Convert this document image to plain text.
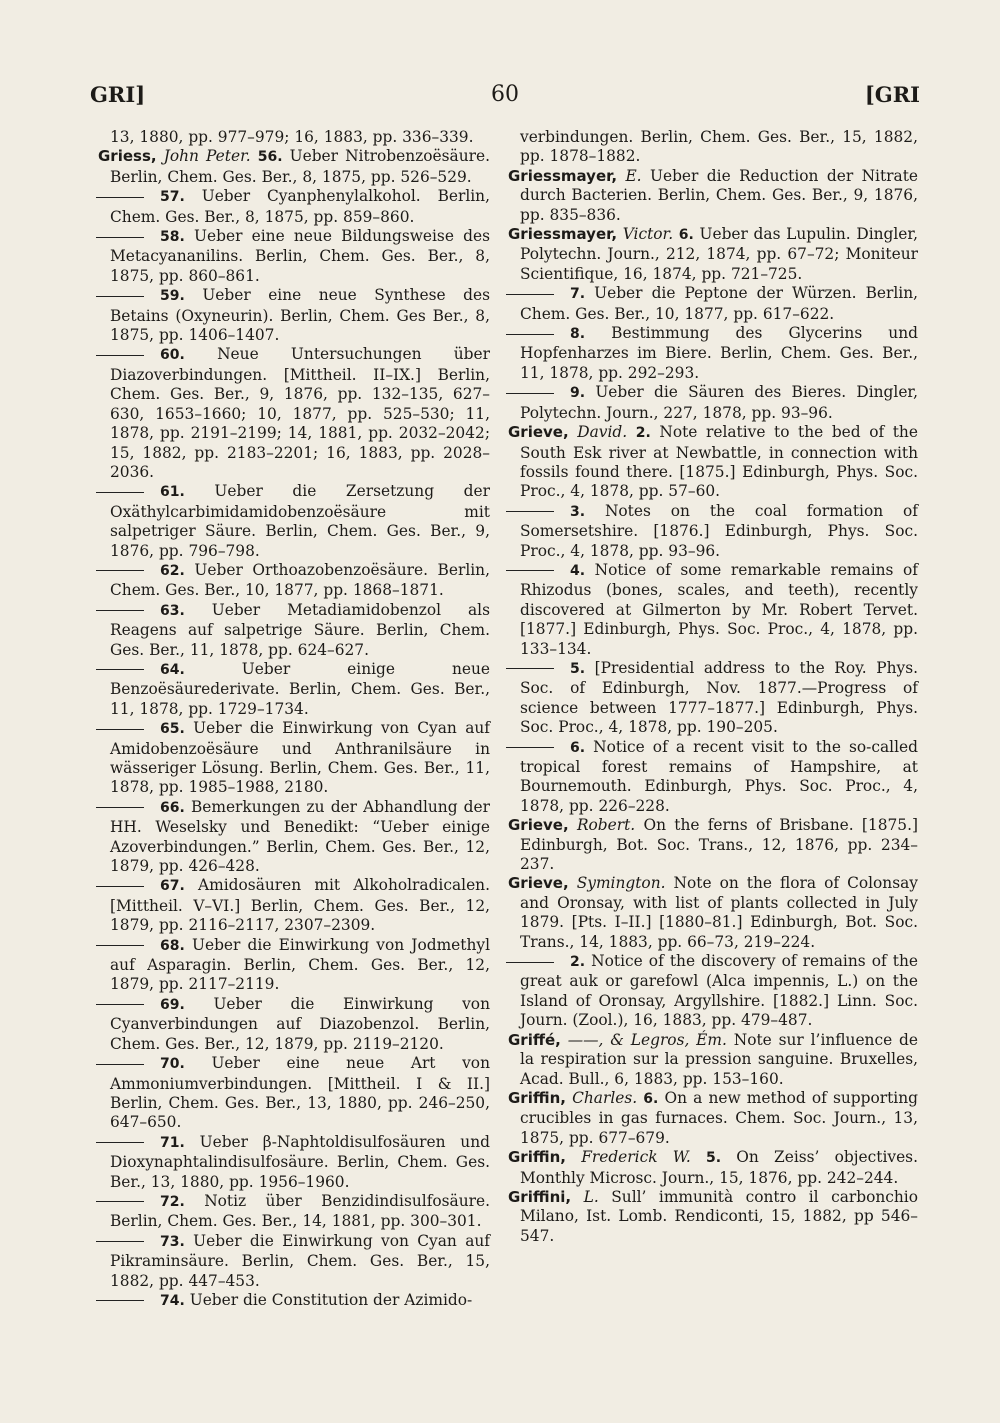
GRI]	60	[GRI

13, 1880, pp. 977–979; 16, 1883, pp. 336–339.

Griess, John Peter. 56. Ueber Nitrobenzoësäure. Berlin, Chem. Ges. Ber., 8, 1875, pp. 526–529.

57. Ueber Cyanphenylalkohol. Berlin, Chem. Ges. Ber., 8, 1875, pp. 859–860.

58. Ueber eine neue Bildungsweise des Metacyananilins. Berlin, Chem. Ges. Ber., 8, 1875, pp. 860–861.

59. Ueber eine neue Synthese des Betains (Oxyneurin). Berlin, Chem. Ges Ber., 8, 1875, pp. 1406–1407.

60. Neue Untersuchungen über Diazoverbindungen. [Mittheil. II–IX.] Berlin, Chem. Ges. Ber., 9, 1876, pp. 132–135, 627–630, 1653–1660; 10, 1877, pp. 525–530; 11, 1878, pp. 2191–2199; 14, 1881, pp. 2032–2042; 15, 1882, pp. 2183–2201; 16, 1883, pp. 2028–2036.

61. Ueber die Zersetzung der Oxäthylcarbimidamidobenzoësäure mit salpetriger Säure. Berlin, Chem. Ges. Ber., 9, 1876, pp. 796–798.

62. Ueber Orthoazobenzoësäure. Berlin, Chem. Ges. Ber., 10, 1877, pp. 1868–1871.

63. Ueber Metadiamidobenzol als Reagens auf salpetrige Säure. Berlin, Chem. Ges. Ber., 11, 1878, pp. 624–627.

64.	Ueber einige neue Benzoësäurederivate. Berlin, Chem. Ges. Ber., 11, 1878, pp. 1729–1734.

65. Ueber die Einwirkung von Cyan auf Amidobenzoësäure und Anthranilsäure in wässeriger Lösung. Berlin, Chem. Ges. Ber., 11, 1878, pp. 1985–1988, 2180.

66. Bemerkungen zu der Abhandlung der HH. Weselsky und Benedikt: “Ueber einige Azoverbindungen.” Berlin, Chem. Ges. Ber., 12, 1879, pp. 426–428.

67. Amidosäuren mit Alkoholradicalen. [Mittheil. V–VI.] Berlin, Chem. Ges. Ber., 12, 1879, pp. 2116–2117, 2307–2309.

68. Ueber die Einwirkung von Jodmethyl auf Asparagin. Berlin, Chem. Ges. Ber., 12, 1879, pp. 2117–2119.

69. Ueber die Einwirkung von Cyanverbindungen auf Diazobenzol. Berlin, Chem. Ges. Ber., 12, 1879, pp. 2119–2120.

70. Ueber eine neue Art von Ammoniumverbindungen. [Mittheil. I & II.] Berlin, Chem. Ges. Ber., 13, 1880, pp. 246–250, 647–650.

71. Ueber β-Naphtoldisulfosäuren und Dioxynaphtalindisulfosäure. Berlin, Chem. Ges. Ber., 13, 1880, pp. 1956–1960.

72. Notiz über Benzidindisulfosäure. Berlin, Chem. Ges. Ber., 14, 1881, pp. 300–301.

73. Ueber die Einwirkung von Cyan auf Pikraminsäure. Berlin, Chem. Ges. Ber., 15, 1882, pp. 447–453.

74. Ueber die Constitution der Azimido-

verbindungen. Berlin, Chem. Ges. Ber., 15, 1882, pp. 1878–1882.

Griessmayer, E. Ueber die Reduction der Nitrate durch Bacterien. Berlin, Chem. Ges. Ber., 9, 1876, pp. 835–836.

Griessmayer, Victor. 6. Ueber das Lupulin. Dingler, Polytechn. Journ., 212, 1874, pp. 67–72; Moniteur Scientifique, 16, 1874, pp. 721–725.

7. Ueber die Peptone der Würzen. Berlin, Chem. Ges. Ber., 10, 1877, pp. 617–622.

8. Bestimmung des Glycerins und Hopfenharzes im Biere. Berlin, Chem. Ges. Ber., 11, 1878, pp. 292–293.

9. Ueber die Säuren des Bieres. Dingler, Polytechn. Journ., 227, 1878, pp. 93–96.

Grieve, David. 2. Note relative to the bed of the South Esk river at Newbattle, in connection with fossils found there. [1875.] Edinburgh, Phys. Soc. Proc., 4, 1878, pp. 57–60.

3. Notes on the coal formation of Somersetshire. [1876.] Edinburgh, Phys. Soc. Proc., 4, 1878, pp. 93–96.

4. Notice of some remarkable remains of Rhizodus (bones, scales, and teeth), recently discovered at Gilmerton by Mr. Robert Tervet. [1877.] Edinburgh, Phys. Soc. Proc., 4, 1878, pp. 133–134.

5. [Presidential address to the Roy. Phys. Soc. of Edinburgh, Nov. 1877.—Progress of science between 1777–1877.] Edinburgh, Phys. Soc. Proc., 4, 1878, pp. 190–205.

6. Notice of a recent visit to the so-called tropical forest remains of Hampshire, at Bournemouth. Edinburgh, Phys. Soc. Proc., 4, 1878, pp. 226–228.

Grieve, Robert. On the ferns of Brisbane. [1875.] Edinburgh, Bot. Soc. Trans., 12, 1876, pp. 234–237.

Grieve, Symington. Note on the flora of Colonsay and Oronsay, with list of plants collected in July 1879. [Pts. I–II.] [1880–81.] Edinburgh, Bot. Soc. Trans., 14, 1883, pp. 66–73, 219–224.

2. Notice of the discovery of remains of the great auk or garefowl (Alca impennis, L.) on the Island of Oronsay, Argyllshire. [1882.] Linn. Soc. Journ. (Zool.), 16, 1883, pp. 479–487.

Griffé, ——, & Legros, Ém. Note sur l’influence de la respiration sur la pression sanguine. Bruxelles, Acad. Bull., 6, 1883, pp. 153–160.

Griffin, Charles. 6. On a new method of supporting crucibles in gas furnaces. Chem. Soc. Journ., 13, 1875, pp. 677–679.

Griffin, Frederick W. 5. On Zeiss’ objectives. Monthly Microsc. Journ., 15, 1876, pp. 242–244.

Griffini, L. Sull’ immunità contro il carbonchio Milano, Ist. Lomb. Rendiconti, 15, 1882, pp 546–547.
